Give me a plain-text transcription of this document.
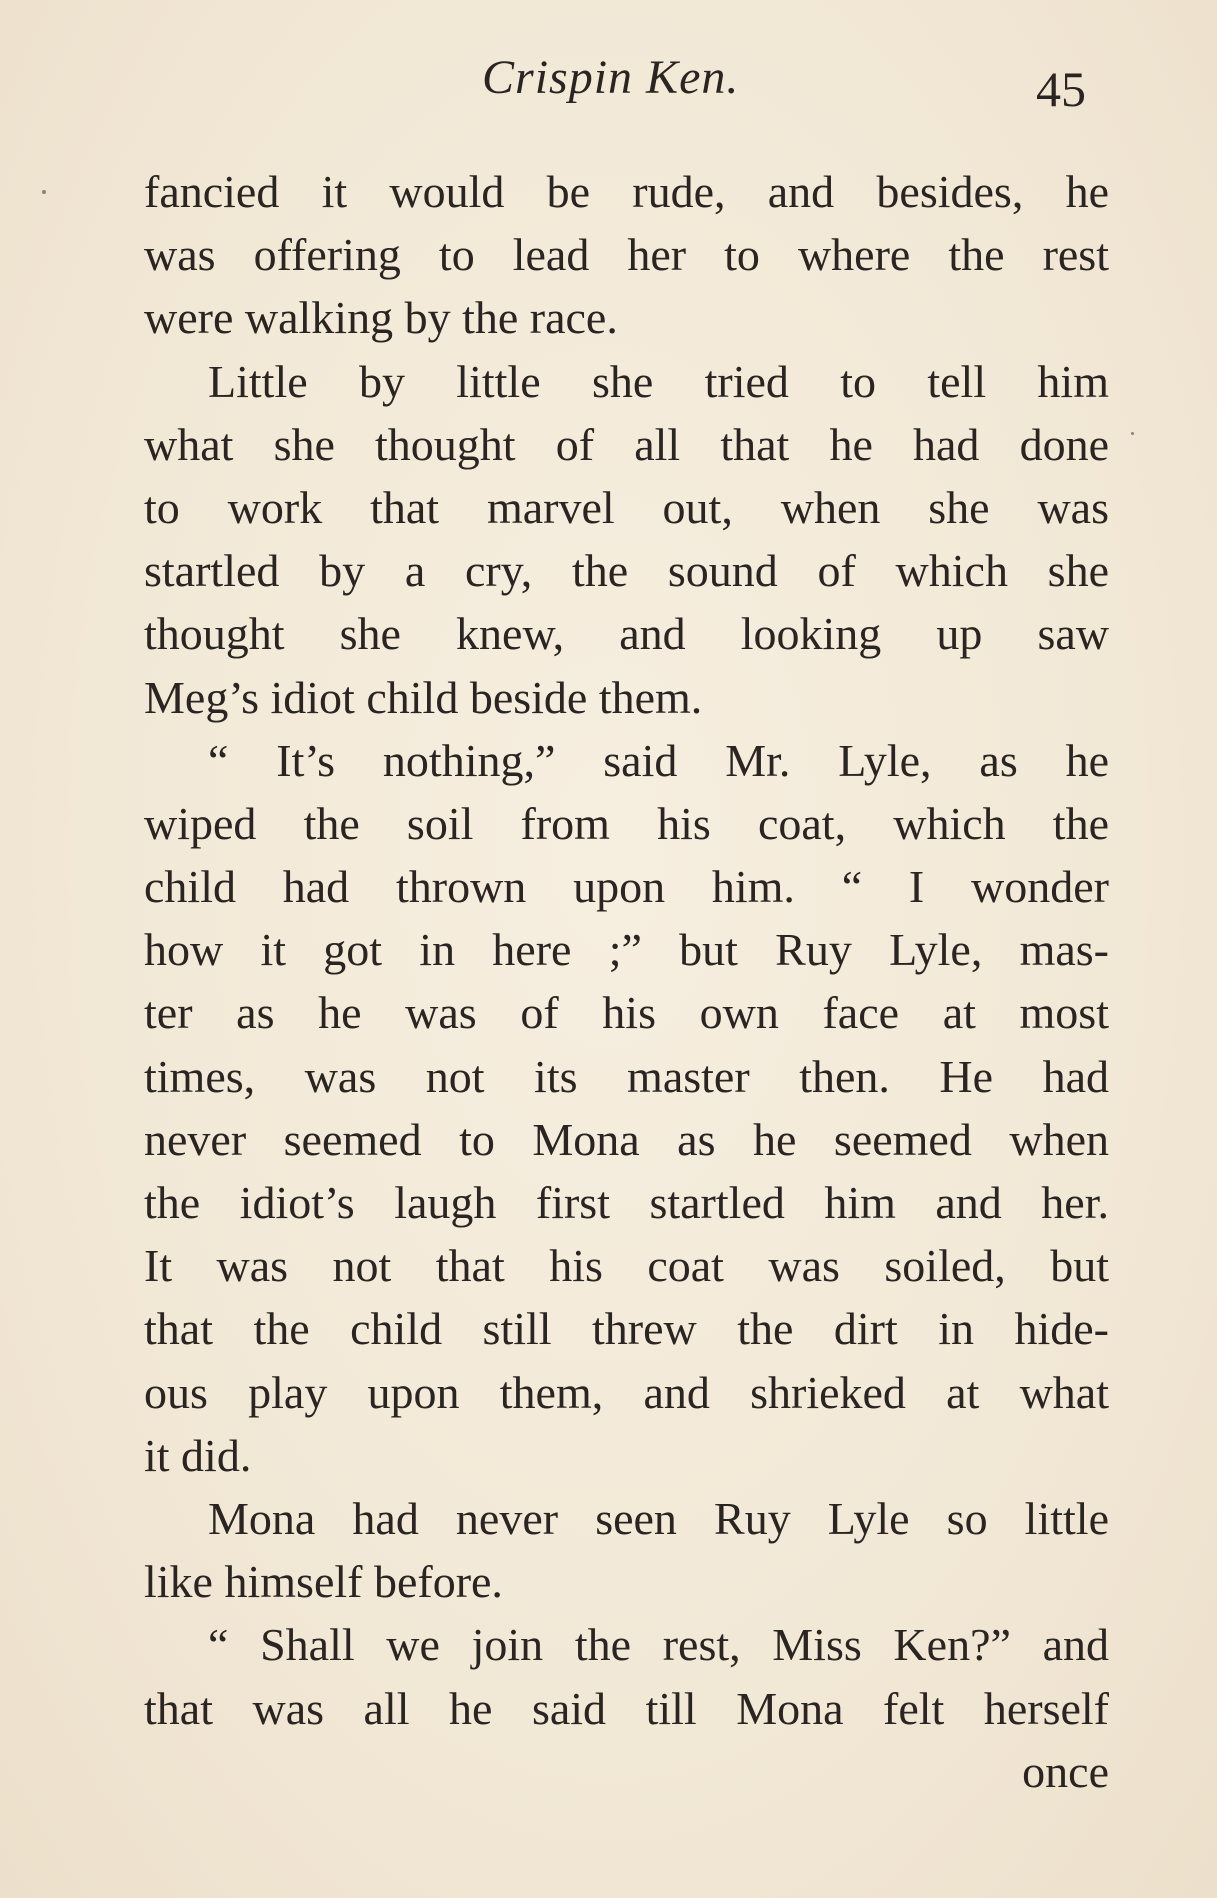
Crispin Ken.	45
fancied it would be rude, and besides, he
was offering to lead her to where the rest
were walking by the race.
Little by little she tried to tell him
what she thought of all that he had done
to work that marvel out, when she was
startled by a cry, the sound of which she
thought she knew, and looking up saw
Meg’s idiot child beside them.
“ It’s nothing,” said Mr. Lyle, as he
wiped the soil from his coat, which the
child had thrown upon him. “ I wonder
how it got in here ;” but Ruy Lyle, mas-
ter as he was of his own face at most
times, was not its master then. He had
never seemed to Mona as he seemed when
the idiot’s laugh first startled him and her.
It was not that his coat was soiled, but
that the child still threw the dirt in hide-
ous play upon them, and shrieked at what
it did.
Mona had never seen Ruy Lyle so little
like himself before.
“ Shall we join the rest, Miss Ken?” and
that was all he said till Mona felt herself
once
